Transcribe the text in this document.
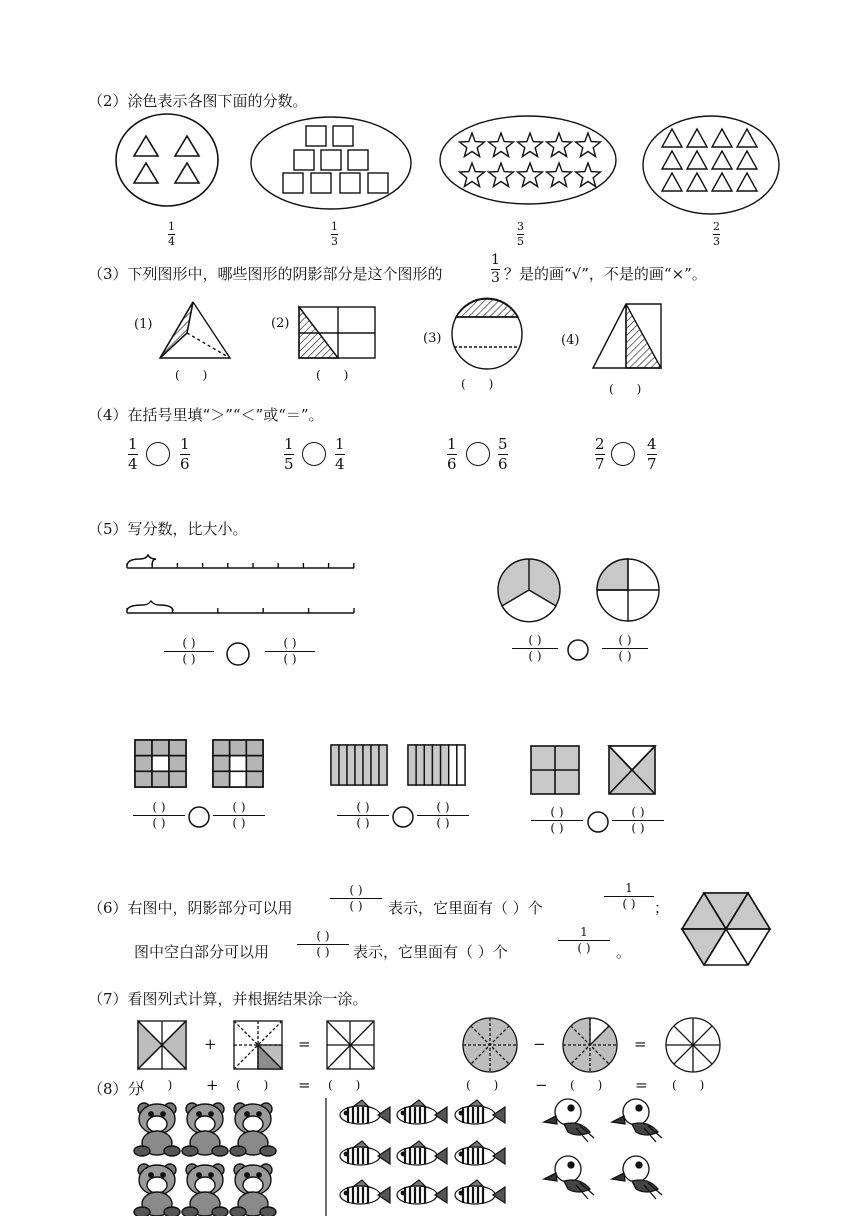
（2）涂色表示各图下面的分数。
1
4
1
3
3
5
2
3
（3）下列图形中，哪些图形的阴影部分是这个图形的
1
3 ？是的画“√”，不是的画“×”。
(1)	(2)
(3)	(4)
(      )	(      )
(      )	(      )
（4）在括号里填“＞”“＜”或“＝”。
1
4
1
6
1
5
1
4
1
6
5
6
2
7
4
7
（5）写分数，比大小。
( )
( )
( )
( )
( )
( )
( )
( )
( )
( )
( )
( )
( )
( )
( )
( )
( )
( )
( )
( )
（6）右图中，阴影部分可以用
( )
( ) 表示，它里面有（ ）个
1
( ) ；
图中空白部分可以用
( )
( ) 表示，它里面有（ ）个
1
( ) 。
（7）看图列式计算，并根据结果涂一涂。
+	=	−	=
（8）分
(      ) + (      ) = (      )	(      ) − (      ) = (      )
